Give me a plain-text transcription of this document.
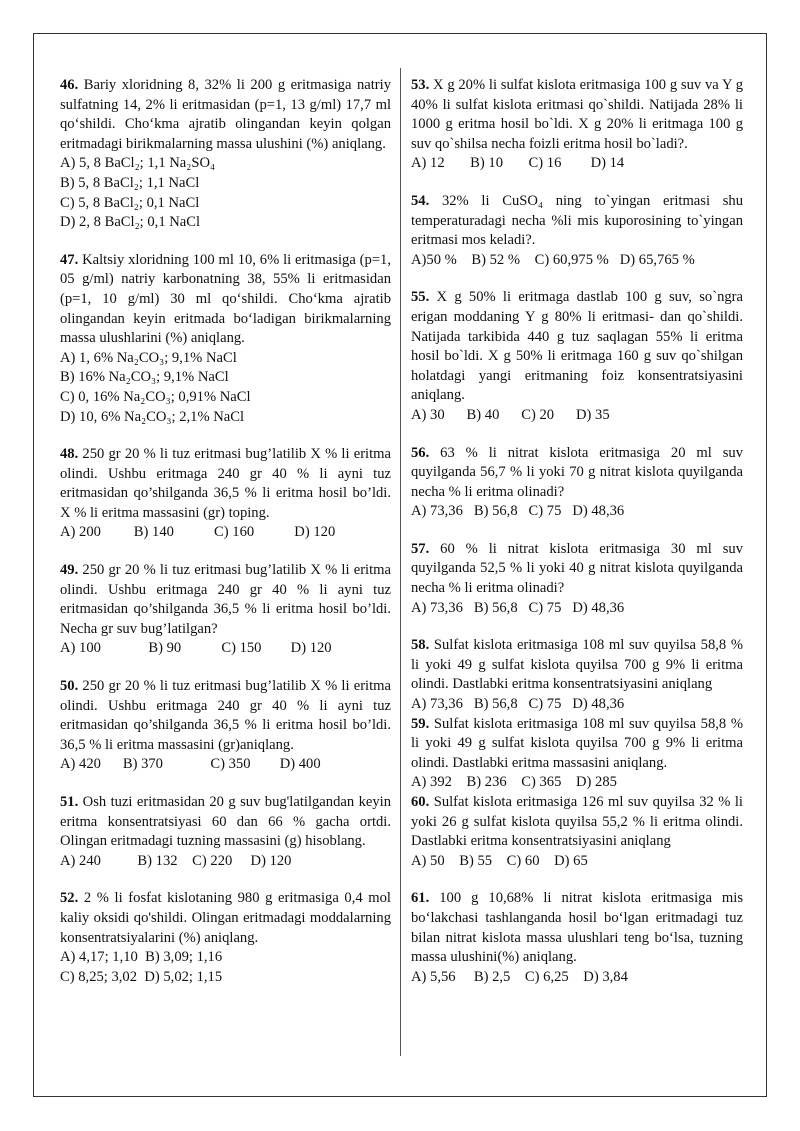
46. Bariy xloridning 8, 32% li 200 g eritmasiga natriy sulfatning 14, 2% li eritmasidan (p=1, 13 g/ml) 17,7 ml qo‘shildi. Cho‘kma ajratib olingandan keyin qolgan eritmadagi birikmalarning massa ulushini (%) aniqlang.

A) 5, 8 BaCl₂; 1,1 Na₂SO₄

B) 5, 8 BaCl₂; 1,1 NaCl

C) 5, 8 BaCl₂; 0,1 NaCl

D) 2, 8 BaCl₂; 0,1 NaCl

47. Kaltsiy xloridning 100 ml 10, 6% li eritmasiga (p=1, 05 g/ml) natriy karbonatning 38, 55% li eritmasidan (p=1, 10 g/ml) 30 ml qo‘shildi. Cho‘kma ajratib olingandan keyin eritmada bo‘ladigan birikmalarning massa ulushlarini (%) aniqlang.

A) 1, 6% Na₂CO₃; 9,1% NaCl

B) 16% Na₂CO₃; 9,1% NaCl

C) 0, 16% Na₂CO₃; 0,91% NaCl

D) 10, 6% Na₂CO₃; 2,1% NaCl

48. 250 gr 20 % li tuz eritmasi bug’latilib X % li eritma olindi. Ushbu eritmaga 240 gr 40 % li ayni tuz eritmasidan qo’shilganda 36,5 % li eritma hosil bo’ldi. X % li eritma massasini (gr) toping.

A) 200         B) 140           C) 160           D) 120

49. 250 gr 20 % li tuz eritmasi bug’latilib X % li eritma olindi. Ushbu eritmaga 240 gr 40 % li ayni tuz eritmasidan qo’shilganda 36,5 % li eritma hosil bo’ldi. Necha gr suv bug’latilgan?

A) 100             B) 90           C) 150        D) 120

50. 250 gr 20 % li tuz eritmasi bug’latilib X % li eritma olindi. Ushbu eritmaga 240 gr 40 % li ayni tuz eritmasidan qo’shilganda 36,5 % li eritma hosil bo’ldi. 36,5 % li eritma massasini (gr)aniqlang.

A) 420      B) 370             C) 350        D) 400

51. Osh tuzi eritmasidan 20 g suv bug'latilgandan keyin eritma konsentratsiyasi 60 dan 66 % gacha ortdi. Olingan eritmadagi tuzning massasini (g) hisoblang.

A) 240          B) 132    C) 220     D) 120

52. 2 % li fosfat kislotaning 980 g eritmasiga 0,4 mol kaliy oksidi qo'shildi. Olingan eritmadagi moddalarning konsentratsiyalarini (%) aniqlang.

A) 4,17; 1,10  B) 3,09; 1,16

C) 8,25; 3,02  D) 5,02; 1,15

53. X g 20% li sulfat kislota eritmasiga 100 g suv va Y g 40% li sulfat kislota eritmasi qo`shildi. Natijada 28% li 1000 g eritma hosil bo`ldi. X g 20% li eritmaga 100 g suv qo`shilsa necha foizli eritma hosil bo`ladi?.

A) 12       B) 10       C) 16        D) 14

54. 32% li CuSO₄ ning to`yingan eritmasi shu temperaturadagi necha %li mis kuporosining to`yingan eritmasi mos keladi?.

A)50 %    B) 52 %    C) 60,975 %   D) 65,765 %

55. X g 50% li eritmaga dastlab 100 g suv, so`ngra erigan moddaning Y g 80% li eritmasi- dan qo`shildi. Natijada tarkibida 440 g tuz saqlagan 55% li eritma hosil bo`ldi. X g 50% li eritmaga 160 g suv qo`shilgan holatdagi yangi eritmaning foiz konsentratsiyasini aniqlang.

A) 30      B) 40      C) 20      D) 35

56. 63 % li nitrat kislota eritmasiga 20 ml suv quyilganda 56,7 % li yoki 70 g nitrat kislota quyilganda necha % li eritma olinadi?

A) 73,36   B) 56,8   C) 75   D) 48,36

57. 60 % li nitrat kislota eritmasiga 30 ml suv quyilganda 52,5 % li yoki 40 g nitrat kislota quyilganda necha % li eritma olinadi?

A) 73,36   B) 56,8   C) 75   D) 48,36

58. Sulfat kislota eritmasiga 108 ml suv quyilsa 58,8 % li yoki 49 g sulfat kislota quyilsa 700 g 9% li eritma olindi. Dastlabki eritma konsentratsiyasini aniqlang

A) 73,36   B) 56,8   C) 75   D) 48,36

59. Sulfat kislota eritmasiga 108 ml suv quyilsa 58,8 % li yoki 49 g sulfat kislota quyilsa 700 g 9% li eritma olindi. Dastlabki eritma massasini aniqlang.

A) 392    B) 236    C) 365    D) 285

60. Sulfat kislota eritmasiga 126 ml suv quyilsa 32 % li yoki 26 g sulfat kislota quyilsa 55,2 % li eritma olindi. Dastlabki eritma konsentratsiyasini aniqlang

A) 50    B) 55    C) 60    D) 65

61. 100 g 10,68% li nitrat kislota eritmasiga mis bo‘lakchasi tashlanganda hosil bo‘lgan eritmadagi tuz bilan nitrat kislota massa ulushlari teng bo‘lsa, tuzning massa ulushini(%) aniqlang.

A) 5,56     B) 2,5    C) 6,25    D) 3,84
